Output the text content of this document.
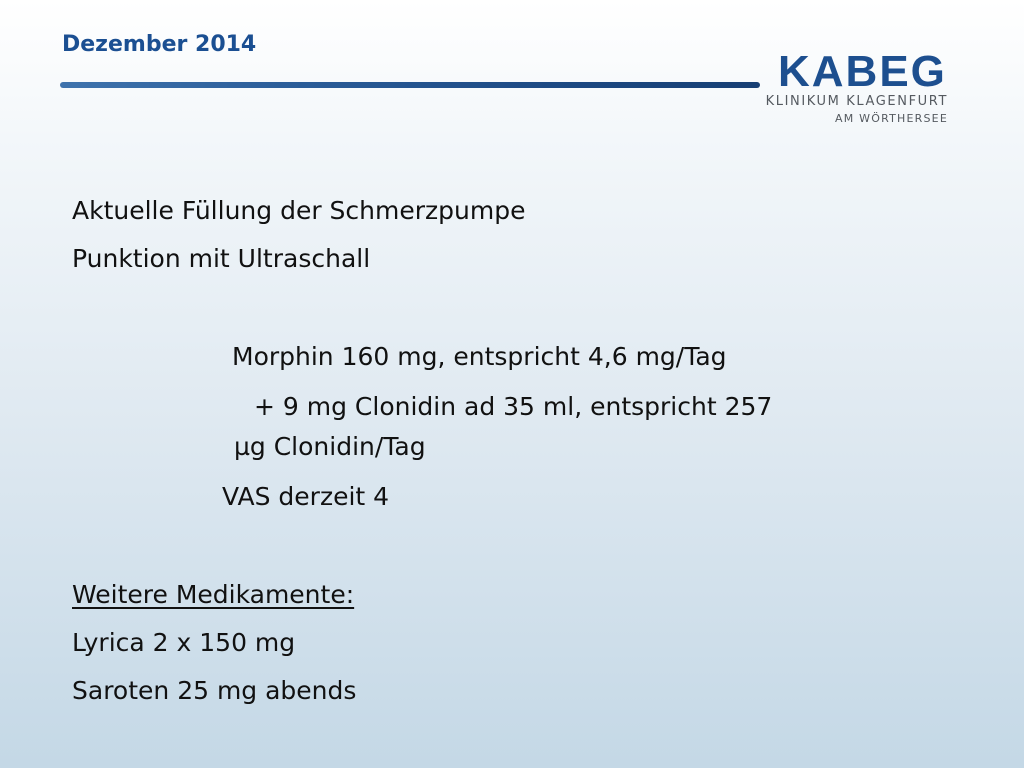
Dezember 2014
KABEG
KLINIKUM KLAGENFURT
AM WÖRTHERSEE
Aktuelle Füllung der Schmerzpumpe
Punktion mit Ultraschall
Morphin 160 mg, entspricht 4,6 mg/Tag
+ 9 mg Clonidin ad 35 ml, entspricht 257
µg Clonidin/Tag
VAS derzeit 4
Weitere Medikamente:
Lyrica 2 x 150 mg
Saroten 25 mg abends
